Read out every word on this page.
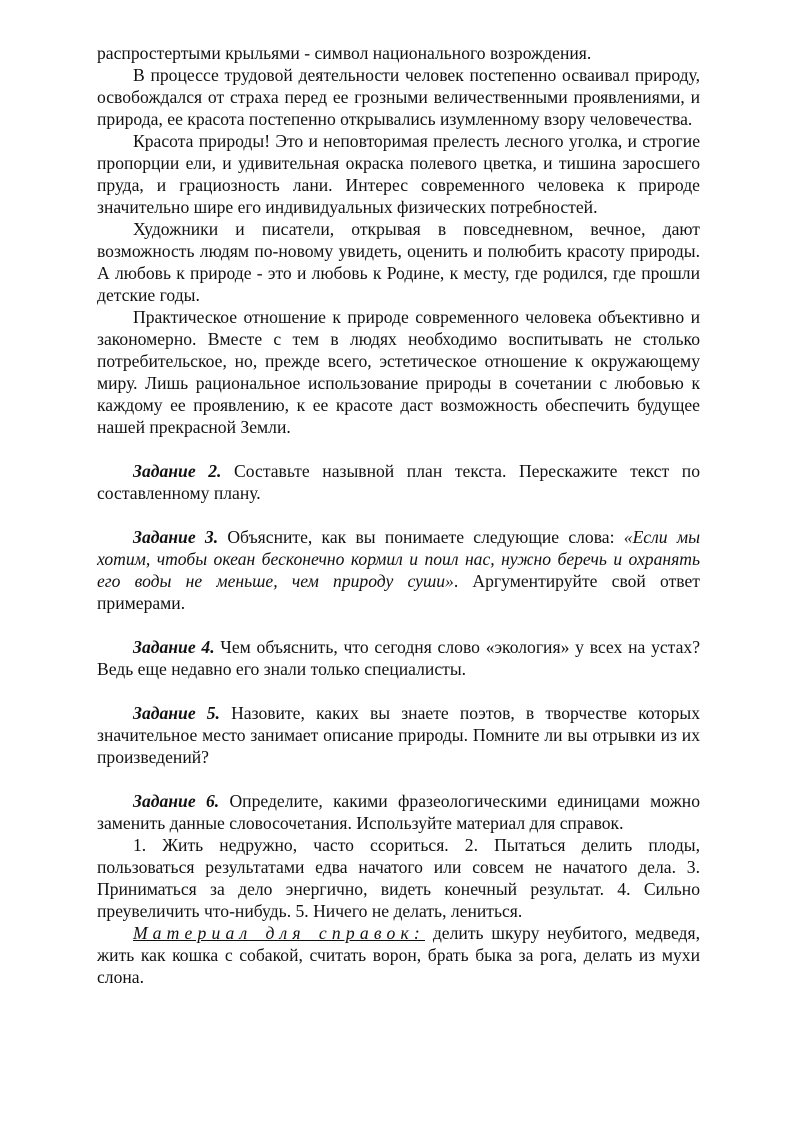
распростертыми крыльями - символ национального возрождения.

В процессе трудовой деятельности человек постепенно осваивал природу, освобождался от страха перед ее грозными величественными проявлениями, и природа, ее красота постепенно открывались изумленному взору человечества.

Красота природы! Это и неповторимая прелесть лесного уголка, и строгие пропорции ели, и удивительная окраска полевого цветка, и тишина заросшего пруда, и грациозность лани. Интерес современного человека к природе значительно шире его индивидуальных физических потребностей.

Художники и писатели, открывая в повседневном, вечное, дают возможность людям по-новому увидеть, оценить и полюбить красоту природы. А любовь к природе - это и любовь к Родине, к месту, где родился, где прошли детские годы.

Практическое отношение к природе современного человека объективно и закономерно. Вместе с тем в людях необходимо воспитывать не столько потребительское, но, прежде всего, эстетическое отношение к окружающему миру. Лишь рациональное использование природы в сочетании с любовью к каждому ее проявлению, к ее красоте даст возможность обеспечить будущее нашей прекрасной Земли.

Задание 2. Составьте назывной план текста. Перескажите текст по составленному плану.

Задание 3. Объясните, как вы понимаете следующие слова: «Если мы хотим, чтобы океан бесконечно кормил и поил нас, нужно беречь и охранять его воды не меньше, чем природу суши». Аргументируйте свой ответ примерами.

Задание 4. Чем объяснить, что сегодня слово «экология» у всех на устах? Ведь еще недавно его знали только специалисты.

Задание 5. Назовите, каких вы знаете поэтов, в творчестве которых значительное место занимает описание природы. Помните ли вы отрывки из их произведений?

Задание 6. Определите, какими фразеологическими единицами можно заменить данные словосочетания. Используйте материал для справок.

1. Жить недружно, часто ссориться. 2. Пытаться делить плоды, пользоваться результатами едва начатого или совсем не начатого дела. 3. Приниматься за дело энергично, видеть конечный результат. 4. Сильно преувеличить что-нибудь. 5. Ничего не делать, лениться.

Материал для справок: делить шкуру неубитого, медведя, жить как кошка с собакой, считать ворон, брать быка за рога, делать из мухи слона.
